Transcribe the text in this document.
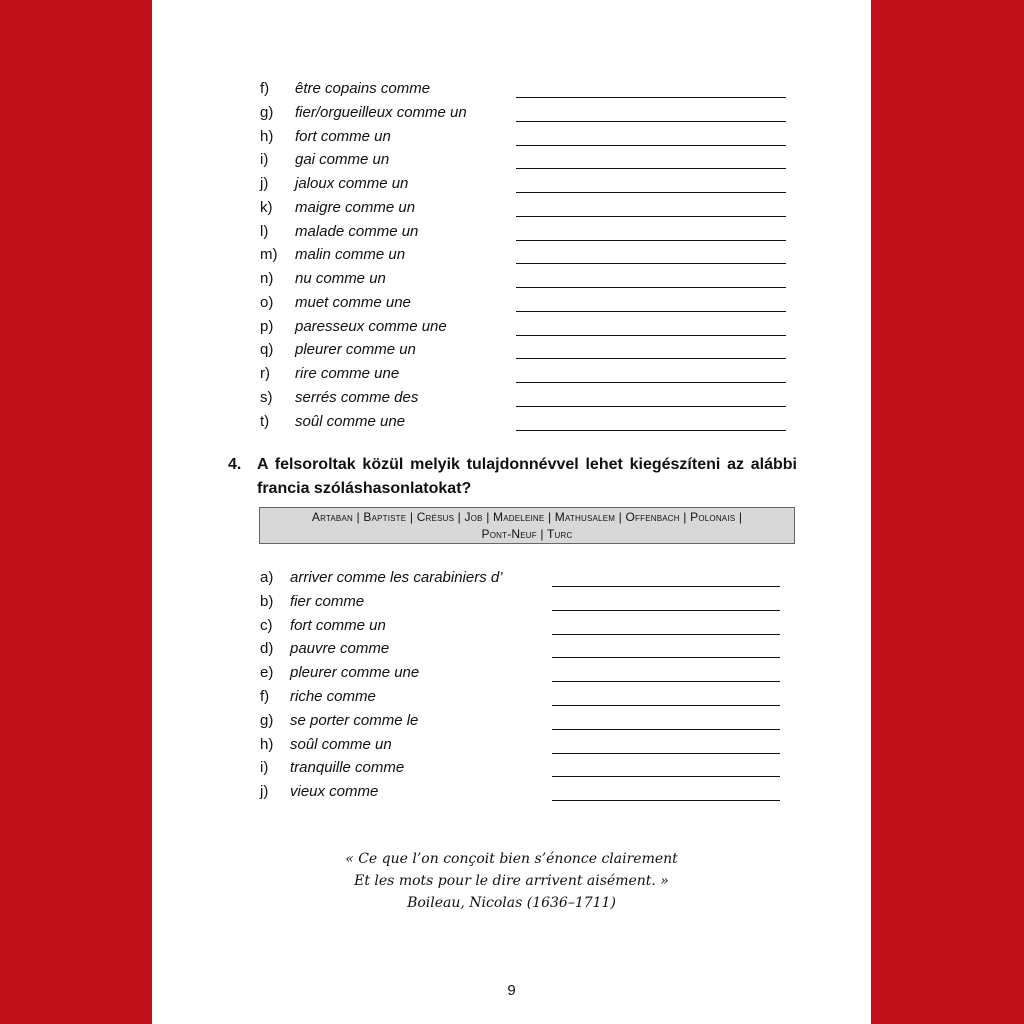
f) être copains comme
g) fier/orgueilleux comme un
h) fort comme un
i) gai comme un
j) jaloux comme un
k) maigre comme un
l) malade comme un
m) malin comme un
n) nu comme un
o) muet comme une
p) paresseux comme une
q) pleurer comme un
r) rire comme une
s) serrés comme des
t) soûl comme une
4. A felsoroltak közül melyik tulajdonnévvel lehet kiegészíteni az alábbi francia szóláshasonlatokat?
Artaban | Baptiste | Crésus | Job | Madeleine | Mathusalem | Offenbach | Polonais |
Pont-Neuf | Turc
a) arriver comme les carabiniers d’
b) fier comme
c) fort comme un
d) pauvre comme
e) pleurer comme une
f) riche comme
g) se porter comme le
h) soûl comme un
i) tranquille comme
j) vieux comme
« Ce que l’on conçoit bien s’énonce clairement
Et les mots pour le dire arrivent aisément. »
Boileau, Nicolas (1636–1711)
9
